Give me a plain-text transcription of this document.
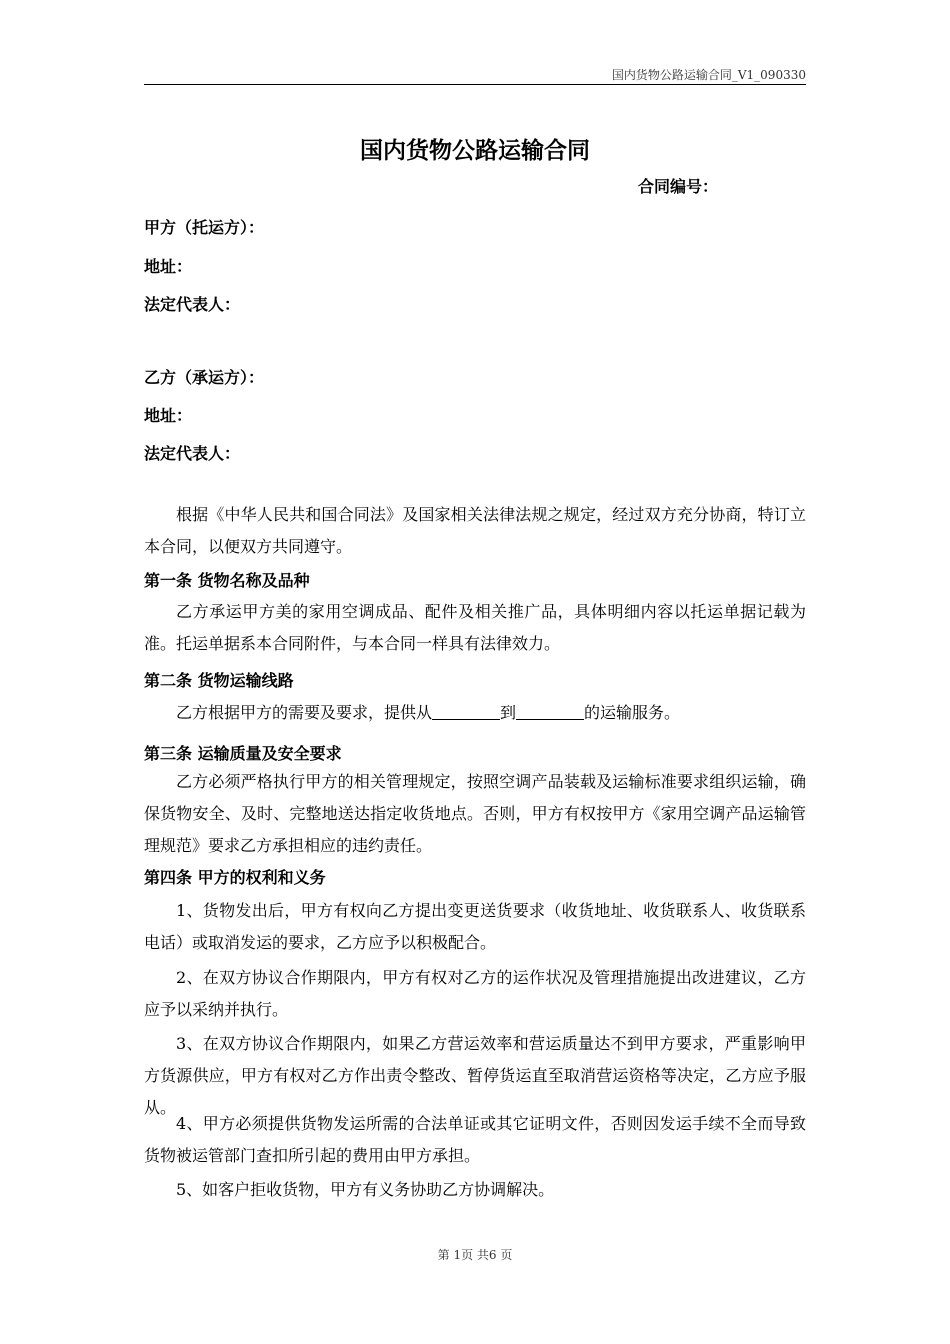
国内货物公路运输合同_V1_090330
国内货物公路运输合同
合同编号：
甲方（托运方）：
地址：
法定代表人：
乙方（承运方）：
地址：
法定代表人：

根据《中华人民共和国合同法》及国家相关法律法规之规定，经过双方充分协商，特订立本合同，以便双方共同遵守。

第一条 货物名称及品种

乙方承运甲方美的家用空调成品、配件及相关推广品，具体明细内容以托运单据记载为准。托运单据系本合同附件，与本合同一样具有法律效力。

第二条 货物运输线路

乙方根据甲方的需要及要求，提供从	到	的运输服务。

第三条 运输质量及安全要求

乙方必须严格执行甲方的相关管理规定，按照空调产品装载及运输标准要求组织运输，确保货物安全、及时、完整地送达指定收货地点。否则，甲方有权按甲方《家用空调产品运输管理规范》要求乙方承担相应的违约责任。

第四条 甲方的权利和义务

1、货物发出后，甲方有权向乙方提出变更送货要求（收货地址、收货联系人、收货联系电话）或取消发运的要求，乙方应予以积极配合。

2、在双方协议合作期限内，甲方有权对乙方的运作状况及管理措施提出改进建议，乙方应予以采纳并执行。

3、在双方协议合作期限内，如果乙方营运效率和营运质量达不到甲方要求，严重影响甲方货源供应，甲方有权对乙方作出责令整改、暂停货运直至取消营运资格等决定，乙方应予服从。

4、甲方必须提供货物发运所需的合法单证或其它证明文件，否则因发运手续不全而导致货物被运管部门查扣所引起的费用由甲方承担。

5、如客户拒收货物，甲方有义务协助乙方协调解决。

第 1页 共6 页
